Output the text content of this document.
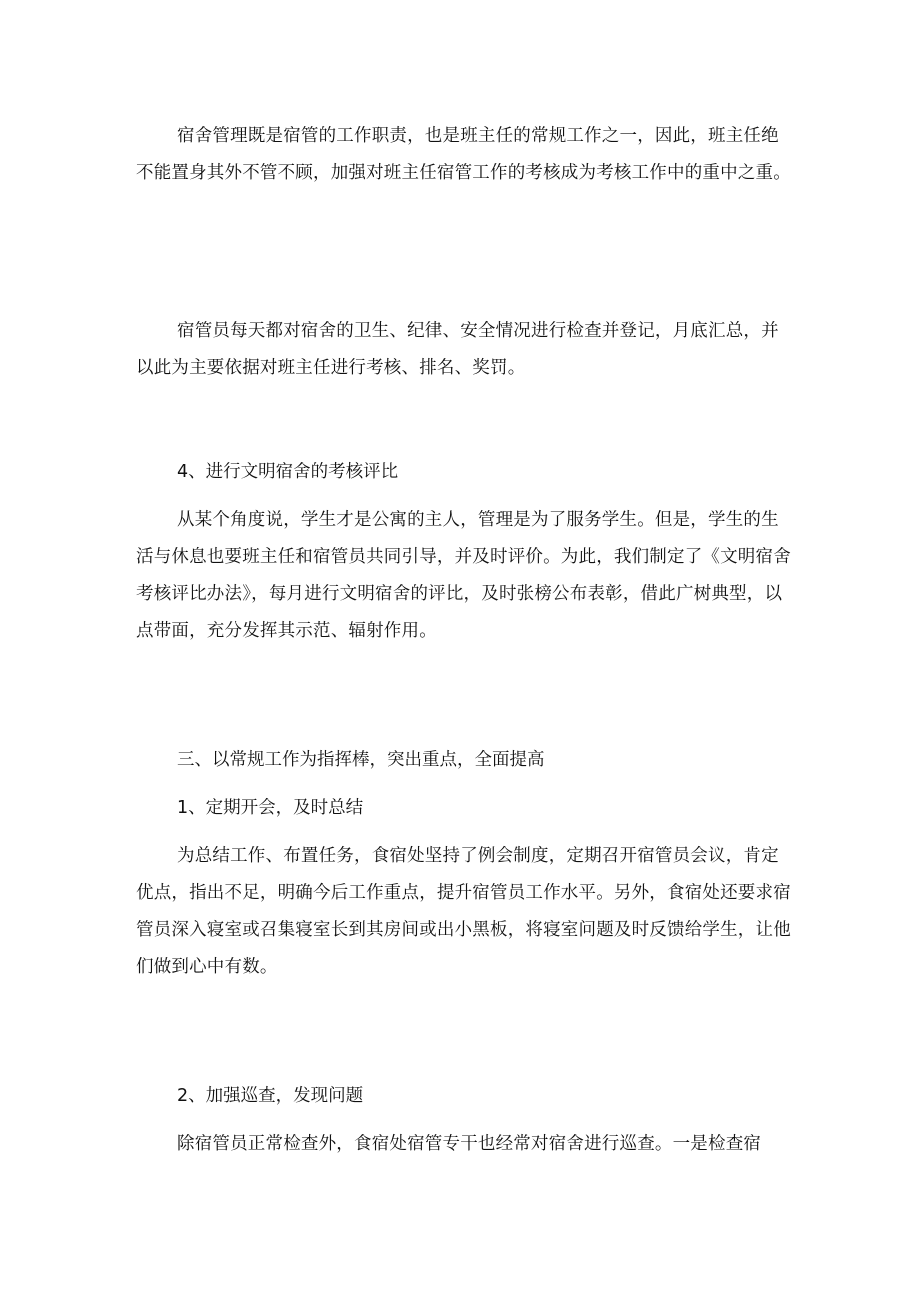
宿舍管理既是宿管的工作职责，也是班主任的常规工作之一，因此，班主任绝不能置身其外不管不顾，加强对班主任宿管工作的考核成为考核工作中的重中之重。

宿管员每天都对宿舍的卫生、纪律、安全情况进行检查并登记，月底汇总，并以此为主要依据对班主任进行考核、排名、奖罚。

4、进行文明宿舍的考核评比

从某个角度说，学生才是公寓的主人，管理是为了服务学生。但是，学生的生活与休息也要班主任和宿管员共同引导，并及时评价。为此，我们制定了《文明宿舍考核评比办法》，每月进行文明宿舍的评比，及时张榜公布表彰，借此广树典型，以点带面，充分发挥其示范、辐射作用。

三、以常规工作为指挥棒，突出重点，全面提高

1、定期开会，及时总结

为总结工作、布置任务，食宿处坚持了例会制度，定期召开宿管员会议，肯定优点，指出不足，明确今后工作重点，提升宿管员工作水平。另外，食宿处还要求宿管员深入寝室或召集寝室长到其房间或出小黑板，将寝室问题及时反馈给学生，让他们做到心中有数。

2、加强巡查，发现问题

除宿管员正常检查外，食宿处宿管专干也经常对宿舍进行巡查。一是检查宿
